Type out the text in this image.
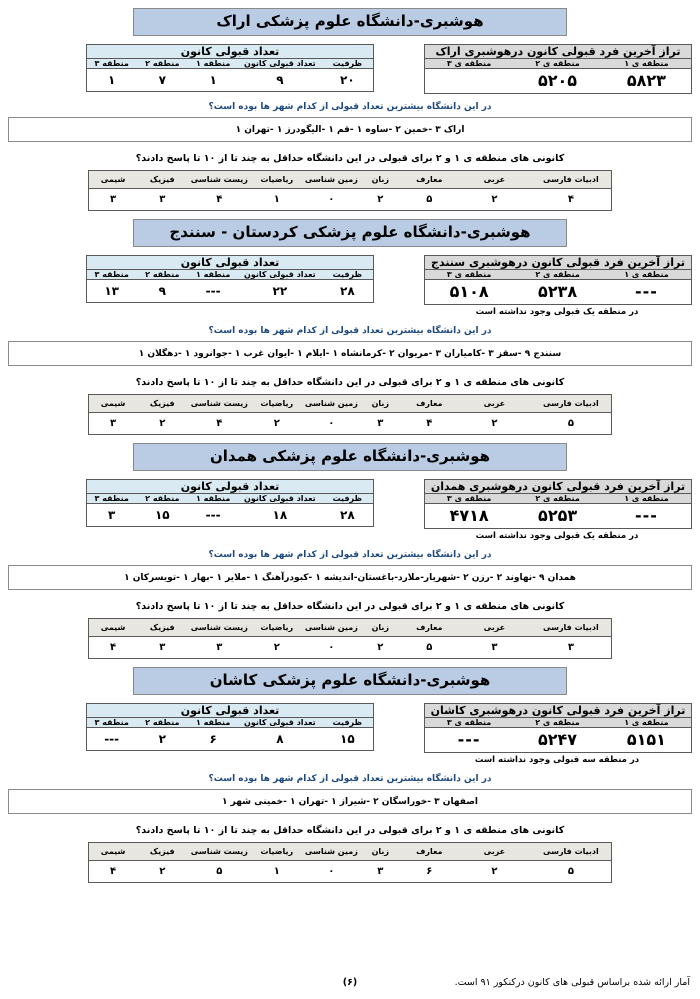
هوشبری-دانشگاه علوم پزشکی اراک
تراز آخرین فرد قبولی کانون درهوشبری اراک		
منطقه ی ۱	منطقه ی ۲	منطقه ی ۳
۵۸۲۳	۵۲۰۵	
تعداد قبولی کانون				
ظرفیت	تعداد قبولی کانون	منطقه ۱	منطقه ۲	منطقه ۳
۲۰	۹	۱	۷	۱
در این دانشگاه بیشترین تعداد قبولی از کدام شهر ها بوده است؟
اراک ۳ -خمین ۲ -ساوه ۱ -قم ۱ -الیگودرز ۱ -تهران ۱
کانونی های منطقه ی ۱ و ۲ برای قبولی در این دانشگاه حداقل به چند تا از ۱۰ تا پاسخ دادند؟
ادبیات فارسی	عربی	معارف	زبان	زمین شناسی	ریاضیات	زیست شناسی	فیزیک	شیمی
۴	۲	۵	۲	۰	۱	۴	۳	۳
هوشبری-دانشگاه علوم پزشکی کردستان - سنندج
تراز آخرین فرد قبولی کانون درهوشبری سنندج		
منطقه ی ۱	منطقه ی ۲	منطقه ی ۳
---	۵۲۳۸	۵۱۰۸
تعداد قبولی کانون				
ظرفیت	تعداد قبولی کانون	منطقه ۱	منطقه ۲	منطقه ۳
۲۸	۲۲	---	۹	۱۳
در منطقه یک قبولی وجود نداشته است
در این دانشگاه بیشترین تعداد قبولی از کدام شهر ها بوده است؟
سنندج ۹ -سقز ۳ -کامیاران ۳ -مریوان ۲ -کرمانشاه ۱ -ایلام ۱ -ایوان غرب ۱ -جوانرود ۱ -دهگلان ۱
کانونی های منطقه ی ۱ و ۲ برای قبولی در این دانشگاه حداقل به چند تا از ۱۰ تا پاسخ دادند؟
ادبیات فارسی	عربی	معارف	زبان	زمین شناسی	ریاضیات	زیست شناسی	فیزیک	شیمی
۵	۲	۴	۳	۰	۲	۴	۲	۳
هوشبری-دانشگاه علوم پزشکی همدان
تراز آخرین فرد قبولی کانون درهوشبری همدان		
منطقه ی ۱	منطقه ی ۲	منطقه ی ۳
---	۵۲۵۳	۴۷۱۸
تعداد قبولی کانون				
ظرفیت	تعداد قبولی کانون	منطقه ۱	منطقه ۲	منطقه ۳
۲۸	۱۸	---	۱۵	۳
در منطقه یک قبولی وجود نداشته است
در این دانشگاه بیشترین تعداد قبولی از کدام شهر ها بوده است؟
همدان ۹ -نهاوند ۲ -رزن ۲ -شهریار-ملارد-باغستان-اندیشه ۱ -کبودرآهنگ ۱ -ملایر ۱ -بهار ۱ -تویسرکان ۱
کانونی های منطقه ی ۱ و ۲ برای قبولی در این دانشگاه حداقل به چند تا از ۱۰ تا پاسخ دادند؟
ادبیات فارسی	عربی	معارف	زبان	زمین شناسی	ریاضیات	زیست شناسی	فیزیک	شیمی
۳	۳	۵	۲	۰	۲	۳	۳	۴
هوشبری-دانشگاه علوم پزشکی کاشان
تراز آخرین فرد قبولی کانون درهوشبری کاشان		
منطقه ی ۱	منطقه ی ۲	منطقه ی ۳
۵۱۵۱	۵۲۴۷	---
تعداد قبولی کانون				
ظرفیت	تعداد قبولی کانون	منطقه ۱	منطقه ۲	منطقه ۳
۱۵	۸	۶	۲	---
در منطقه سه قبولی وجود نداشته است
در این دانشگاه بیشترین تعداد قبولی از کدام شهر ها بوده است؟
اصفهان ۳ -خوراسگان ۲ -شیراز ۱ -تهران ۱ -خمینی شهر ۱
کانونی های منطقه ی ۱ و ۲ برای قبولی در این دانشگاه حداقل به چند تا از ۱۰ تا پاسخ دادند؟
ادبیات فارسی	عربی	معارف	زبان	زمین شناسی	ریاضیات	زیست شناسی	فیزیک	شیمی
۵	۲	۶	۳	۰	۱	۵	۲	۴
(۶)	آمار ارائه شده براساس قبولی های کانون درکنکور ۹۱ است.
